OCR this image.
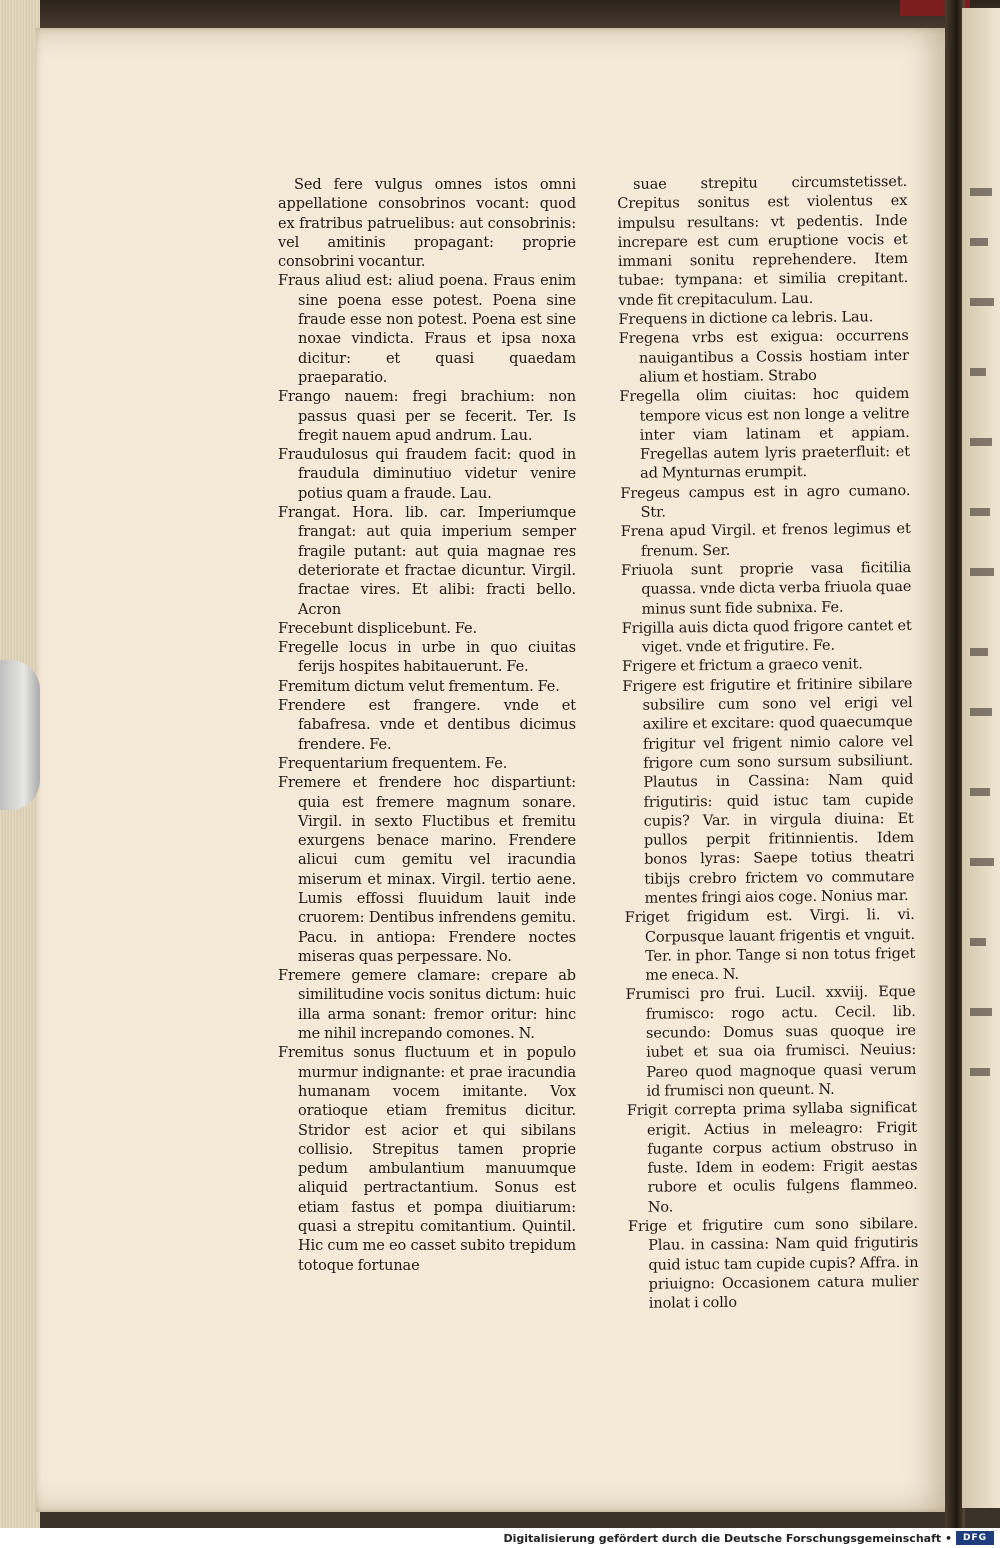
Sed fere vulgus omnes istos omni appellatione consobrinos vocant: quod ex fratribus patruelibus: aut consobrinis: vel amitinis propagant: proprie consobrini vocantur.

Fraus aliud est: aliud poena. Fraus enim sine poena esse potest. Poena sine fraude esse non potest. Poena est sine noxae vindicta. Fraus et ipsa noxa dicitur: et quasi quaedam praeparatio.

Frango nauem: fregi brachium: non passus quasi per se fecerit. Ter. Is fregit nauem apud andrum. Lau.

Fraudulosus qui fraudem facit: quod in fraudula diminutiuo videtur venire potius quam a fraude. Lau.

Frangat. Hora. lib. car. Imperiumque frangat: aut quia imperium semper fragile putant: aut quia magnae res deteriorate et fractae dicuntur. Virgil. fractae vires. Et alibi: fracti bello. Acron

Frecebunt displicebunt. Fe.

Fregelle locus in urbe in quo ciuitas ferijs hospites habitauerunt. Fe.

Fremitum dictum velut frementum. Fe.

Frendere est frangere. vnde et fabafresa. vnde et dentibus dicimus frendere. Fe.

Frequentarium frequentem. Fe.

Fremere et frendere hoc dispartiunt: quia est fremere magnum sonare. Virgil. in sexto Fluctibus et fremitu exurgens benace marino. Frendere alicui cum gemitu vel iracundia miserum et minax. Virgil. tertio aene. Lumis effossi fluuidum lauit inde cruorem: Dentibus infrendens gemitu. Pacu. in antiopa: Frendere noctes miseras quas perpessare. No.

Fremere gemere clamare: crepare ab similitudine vocis sonitus dictum: huic illa arma sonant: fremor oritur: hinc me nihil increpando comones. N.

Fremitus sonus fluctuum et in populo murmur indignante: et prae iracundia humanam vocem imitante. Vox oratioque etiam fremitus dicitur. Stridor est acior et qui sibilans collisio. Strepitus tamen proprie pedum ambulantium manuumque aliquid pertractantium. Sonus est etiam fastus et pompa diuitiarum: quasi a strepitu comitantium. Quintil. Hic cum me eo casset subito trepidum totoque fortunae

suae strepitu circumstetisset. Crepitus sonitus est violentus ex impulsu resultans: vt pedentis. Inde increpare est cum eruptione vocis et immani sonitu reprehendere. Item tubae: tympana: et similia crepitant. vnde fit crepitaculum. Lau.

Frequens in dictione ca lebris. Lau.

Fregena vrbs est exigua: occurrens nauigantibus a Cossis hostiam inter alium et hostiam. Strabo

Fregella olim ciuitas: hoc quidem tempore vicus est non longe a velitre inter viam latinam et appiam. Fregellas autem lyris praeterfluit: et ad Mynturnas erumpit.

Fregeus campus est in agro cumano. Str.

Frena apud Virgil. et frenos legimus et frenum. Ser.

Friuola sunt proprie vasa ficitilia quassa. vnde dicta verba friuola quae minus sunt fide subnixa. Fe.

Frigilla auis dicta quod frigore cantet et viget. vnde et frigutire. Fe.

Frigere et frictum a graeco venit.

Frigere est frigutire et fritinire sibilare subsilire cum sono vel erigi vel axilire et excitare: quod quaecumque frigitur vel frigent nimio calore vel frigore cum sono sursum subsiliunt. Plautus in Cassina: Nam quid frigutiris: quid istuc tam cupide cupis? Var. in virgula diuina: Et pullos perpit fritinnientis. Idem bonos lyras: Saepe totius theatri tibijs crebro frictem vo commutare mentes fringi aios coge. Nonius mar.

Friget frigidum est. Virgi. li. vi. Corpusque lauant frigentis et vnguit. Ter. in phor. Tange si non totus friget me eneca. N.

Frumisci pro frui. Lucil. xxviij. Eque frumisco: rogo actu. Cecil. lib. secundo: Domus suas quoque ire iubet et sua oia frumisci. Neuius: Pareo quod magnoque quasi verum id frumisci non queunt. N.

Frigit correpta prima syllaba significat erigit. Actius in meleagro: Frigit fugante corpus actium obstruso in fuste. Idem in eodem: Frigit aestas rubore et oculis fulgens flammeo. No.

Frige et frigutire cum sono sibilare. Plau. in cassina: Nam quid frigutiris quid istuc tam cupide cupis? Affra. in priuigno: Occasionem catura mulier inolat i collo

Digitalisierung gefördert durch die Deutsche Forschungsgemeinschaft •	DFG
